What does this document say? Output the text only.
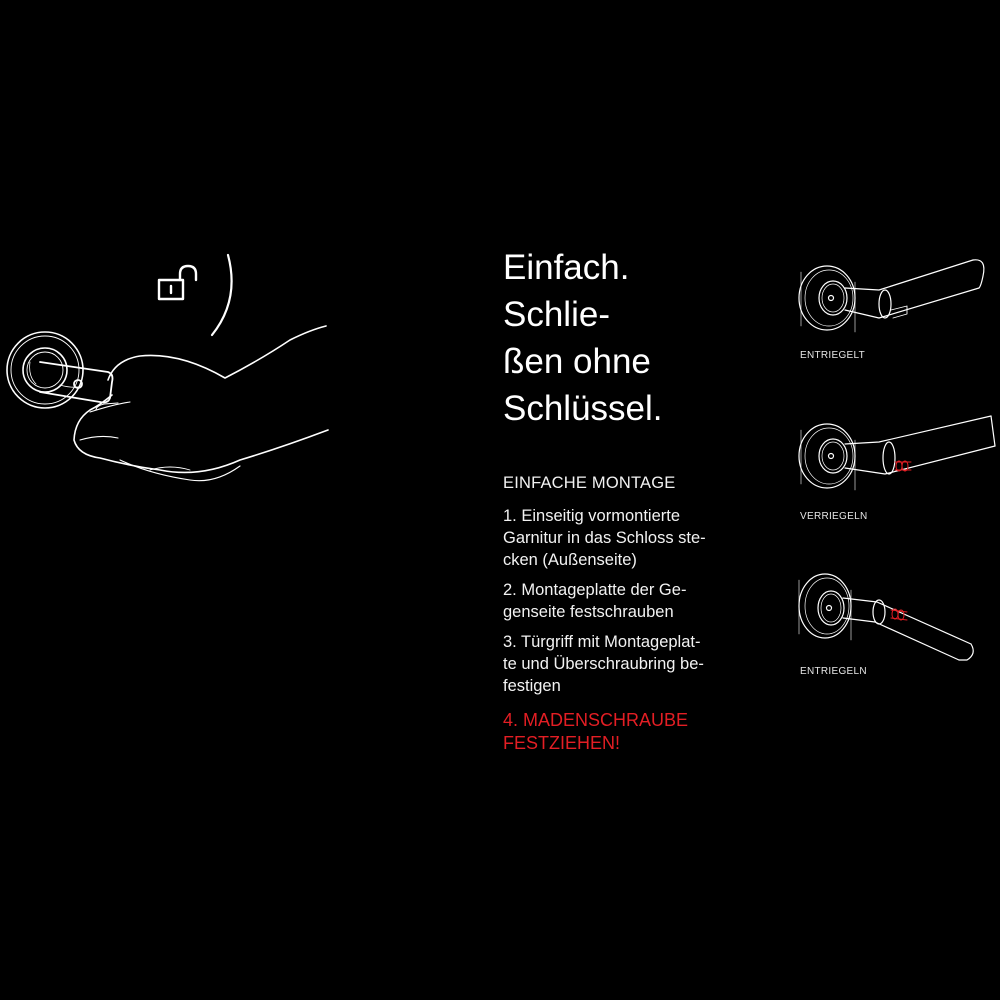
Einfach.
Schlie-
ßen ohne
Schlüssel.
EINFACHE MONTAGE
1. Einseitig vormontierte
Garnitur in das Schloss ste-
cken (Außenseite)
2. Montageplatte der Ge-
genseite festschrauben
3. Türgriff mit Montageplat-
te und Überschraubring be-
festigen
4. MADENSCHRAUBE
FESTZIEHEN!
ENTRIEGELT
VERRIEGELN
ENTRIEGELN
